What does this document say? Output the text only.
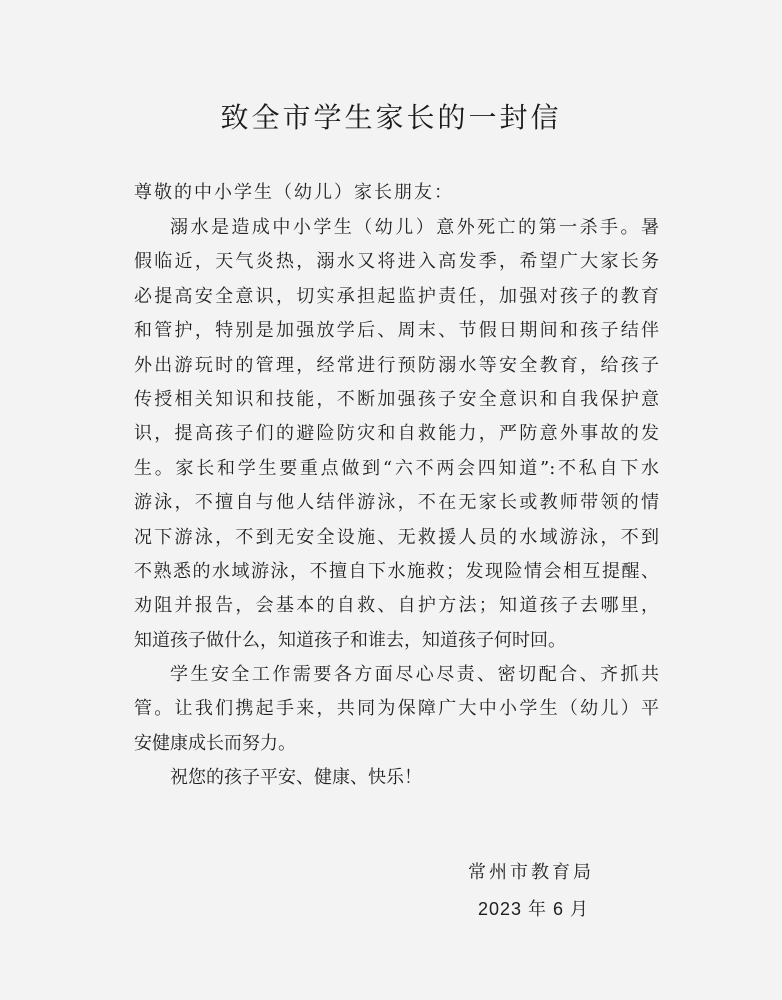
致全市学生家长的一封信
尊敬的中小学生（幼儿）家长朋友：
溺水是造成中小学生（幼儿）意外死亡的第一杀手。暑
假临近，天气炎热，溺水又将进入高发季，希望广大家长务
必提高安全意识，切实承担起监护责任，加强对孩子的教育
和管护，特别是加强放学后、周末、节假日期间和孩子结伴
外出游玩时的管理，经常进行预防溺水等安全教育，给孩子
传授相关知识和技能，不断加强孩子安全意识和自我保护意
识，提高孩子们的避险防灾和自救能力，严防意外事故的发
生。家长和学生要重点做到“六不两会四知道”:不私自下水
游泳，不擅自与他人结伴游泳，不在无家长或教师带领的情
况下游泳，不到无安全设施、无救援人员的水域游泳，不到
不熟悉的水域游泳，不擅自下水施救；发现险情会相互提醒、
劝阻并报告，会基本的自救、自护方法；知道孩子去哪里，
知道孩子做什么，知道孩子和谁去，知道孩子何时回。
学生安全工作需要各方面尽心尽责、密切配合、齐抓共
管。让我们携起手来，共同为保障广大中小学生（幼儿）平
安健康成长而努力。
祝您的孩子平安、健康、快乐！
常州市教育局
2023 年 6 月
